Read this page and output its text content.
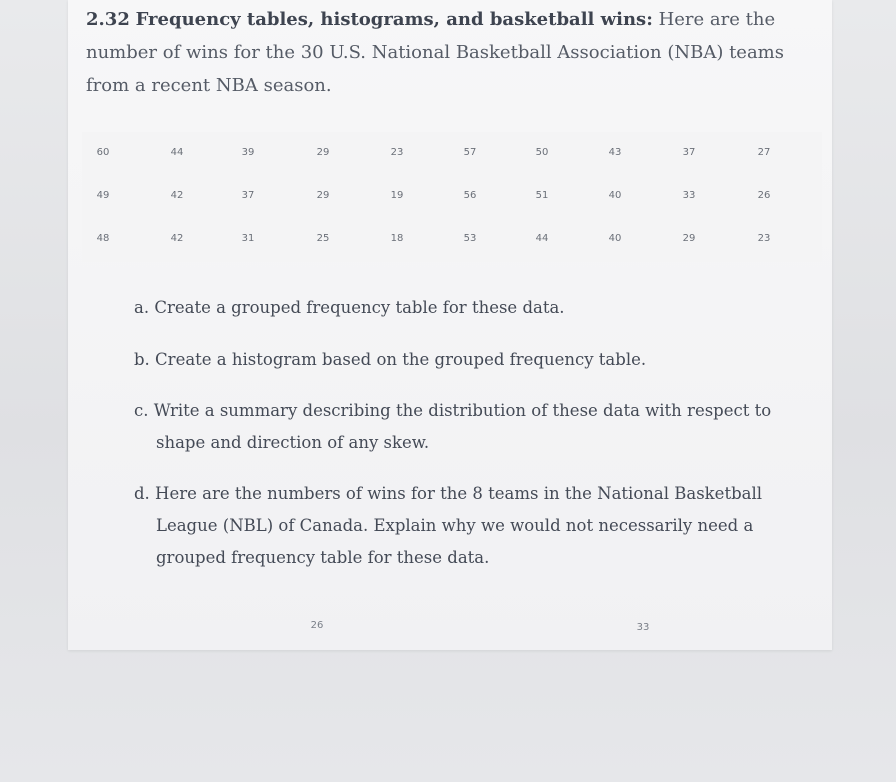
2.32 Frequency tables, histograms, and basketball wins: Here are the number of wins for the 30 U.S. National Basketball Association (NBA) teams from a recent NBA season.
60	44	39	29	23	57	50	43	37	27
49	42	37	29	19	56	51	40	33	26
48	42	31	25	18	53	44	40	29	23
a. Create a grouped frequency table for these data.
b. Create a histogram based on the grouped frequency table.
c. Write a summary describing the distribution of these data with respect to
shape and direction of any skew.
d. Here are the numbers of wins for the 8 teams in the National Basketball
League (NBL) of Canada. Explain why we would not necessarily need a
grouped frequency table for these data.
26	33
